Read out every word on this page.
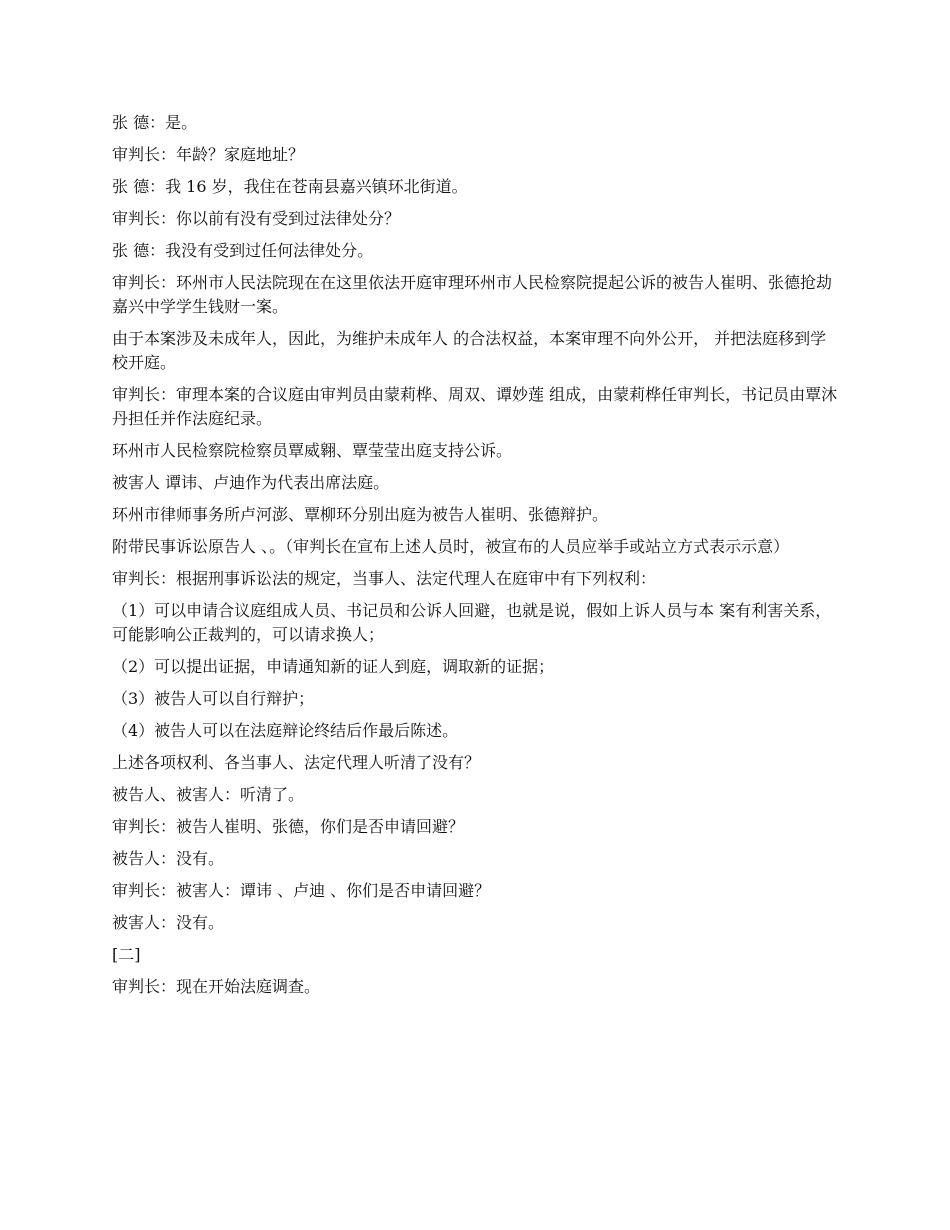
张 德：是。

审判长：年龄？家庭地址？

张 德：我 16 岁，我住在苍南县嘉兴镇环北街道。

审判长：你以前有没有受到过法律处分？

张 德：我没有受到过任何法律处分。

审判长：环州市人民法院现在在这里依法开庭审理环州市人民检察院提起公诉的被告人崔明、张德抢劫嘉兴中学学生钱财一案。

由于本案涉及未成年人，因此，为维护未成年人 的合法权益，本案审理不向外公开， 并把法庭移到学校开庭。

审判长：审理本案的合议庭由审判员由蒙莉桦、周双、谭妙莲 组成，由蒙莉桦任审判长，书记员由覃沐丹担任并作法庭纪录。

环州市人民检察院检察员覃威翱、覃莹莹出庭支持公诉。

被害人 谭讳、卢迪作为代表出席法庭。

环州市律师事务所卢河澎、覃柳环分别出庭为被告人崔明、张德辩护。

附带民事诉讼原告人 、。（审判长在宣布上述人员时，被宣布的人员应举手或站立方式表示示意）

审判长：根据刑事诉讼法的规定，当事人、法定代理人在庭审中有下列权利：

（1）可以申请合议庭组成人员、书记员和公诉人回避，也就是说，假如上诉人员与本 案有利害关系，可能影响公正裁判的，可以请求换人；

（2）可以提出证据，申请通知新的证人到庭，调取新的证据；

（3）被告人可以自行辩护；

（4）被告人可以在法庭辩论终结后作最后陈述。

上述各项权利、各当事人、法定代理人听清了没有？

被告人、被害人：听清了。

审判长：被告人崔明、张德，你们是否申请回避？

被告人：没有。

审判长：被害人：谭讳 、卢迪 、你们是否申请回避？

被害人：没有。

[二]

审判长：现在开始法庭调查。
